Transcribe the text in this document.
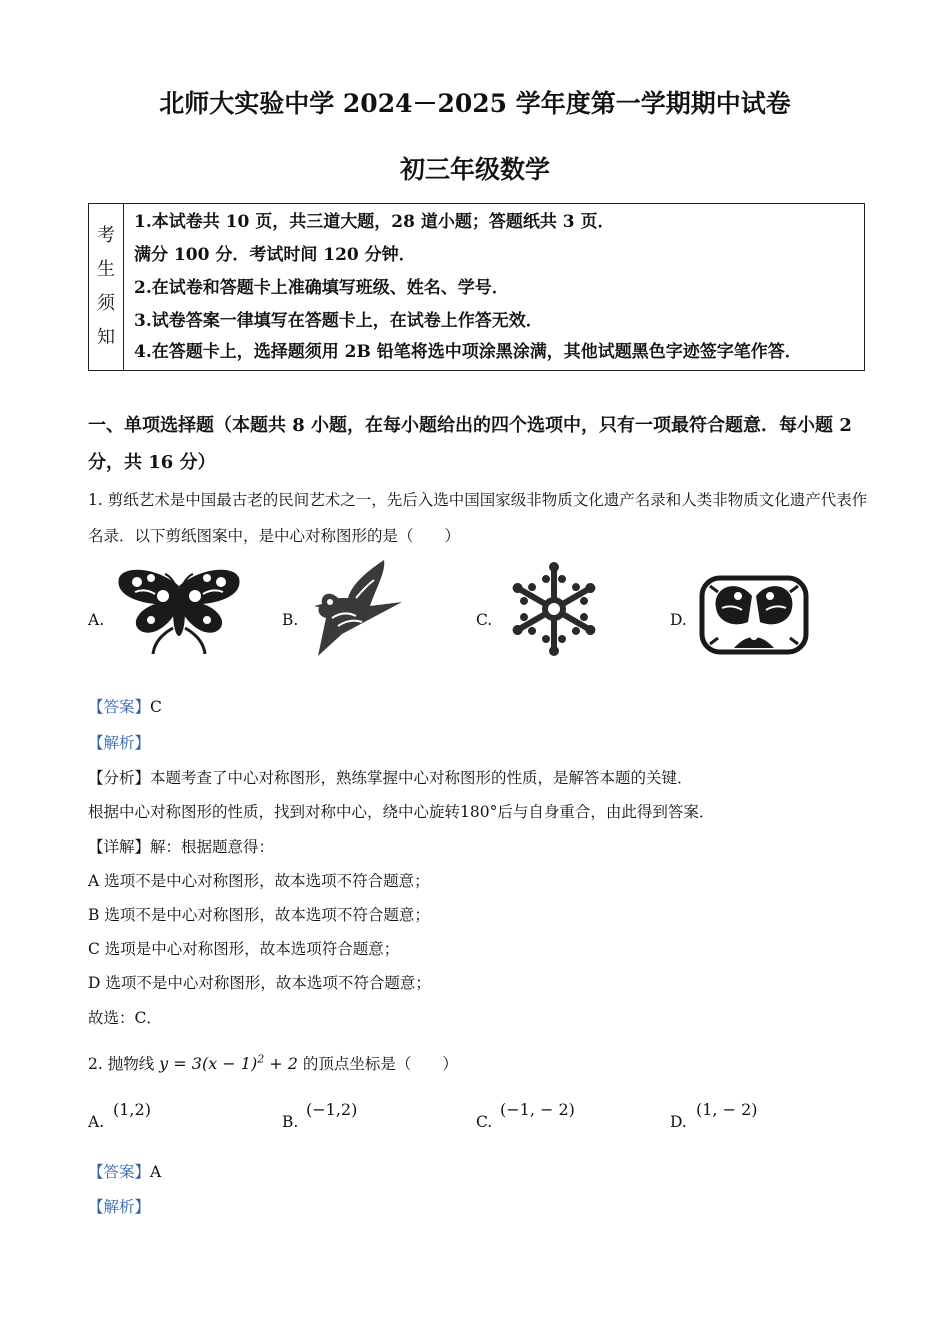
北师大实验中学 2024－2025 学年度第一学期期中试卷
初三年级数学
考
生
须
知

1.本试卷共 10 页，共三道大题，28 道小题；答题纸共 3 页．
满分 100 分．考试时间 120 分钟．
2.在试卷和答题卡上准确填写班级、姓名、学号．
3.试卷答案一律填写在答题卡上，在试卷上作答无效．
4.在答题卡上，选择题须用 2B 铅笔将选中项涂黑涂满，其他试题黑色字迹签字笔作答．
一、单项选择题（本题共 8 小题，在每小题给出的四个选项中，只有一项最符合题意．每小题 2 分，共 16 分）
1. 剪纸艺术是中国最古老的民间艺术之一，先后入选中国国家级非物质文化遗产名录和人类非物质文化遗产代表作名录．以下剪纸图案中，是中心对称图形的是（　　）
A.	B.	C.	D.
【答案】C
【解析】
【分析】本题考查了中心对称图形，熟练掌握中心对称图形的性质，是解答本题的关键．
根据中心对称图形的性质，找到对称中心，绕中心旋转180°后与自身重合，由此得到答案．
【详解】解：根据题意得：
A 选项不是中心对称图形，故本选项不符合题意；
B 选项不是中心对称图形，故本选项不符合题意；
C 选项是中心对称图形，故本选项符合题意；
D 选项不是中心对称图形，故本选项不符合题意；
故选：C．
2. 抛物线 $y = 3(x - 1)^2 + 2$ 的顶点坐标是（　　）
A.
(1,2)
B.
(−1,2)
C.
(−1, − 2)
D.
(1, − 2)
【答案】A
【解析】
